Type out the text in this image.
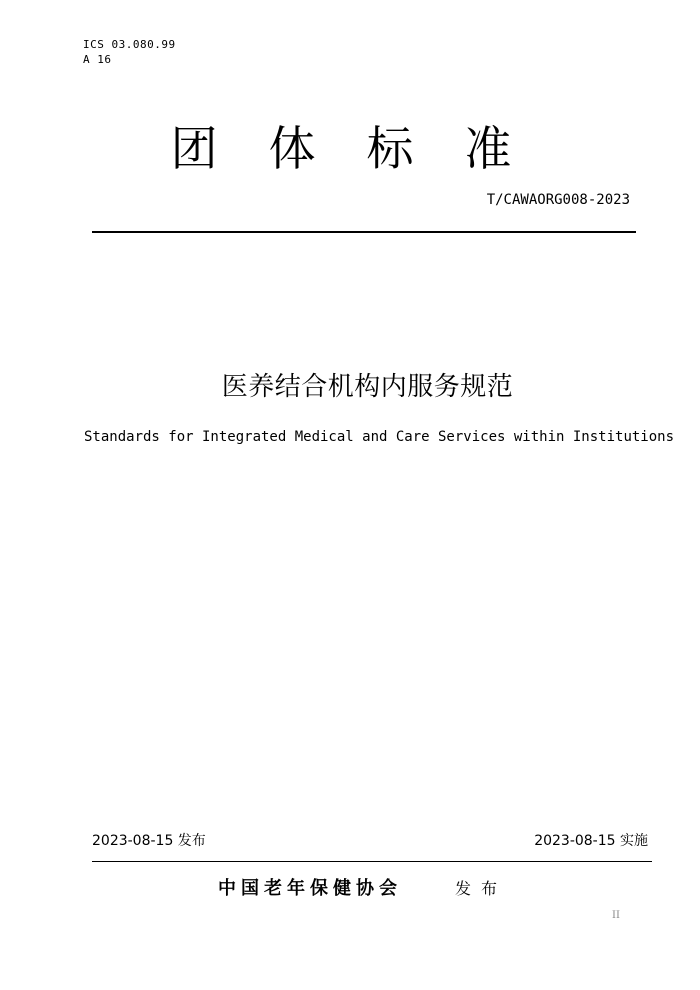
ICS 03.080.99
A 16
团 体 标 准
T/CAWAORG008-2023
医养结合机构内服务规范
Standards for Integrated Medical and Care Services within Institutions
2023-08-15 发布	2023-08-15 实施
中国老年保健协会	发布
II
